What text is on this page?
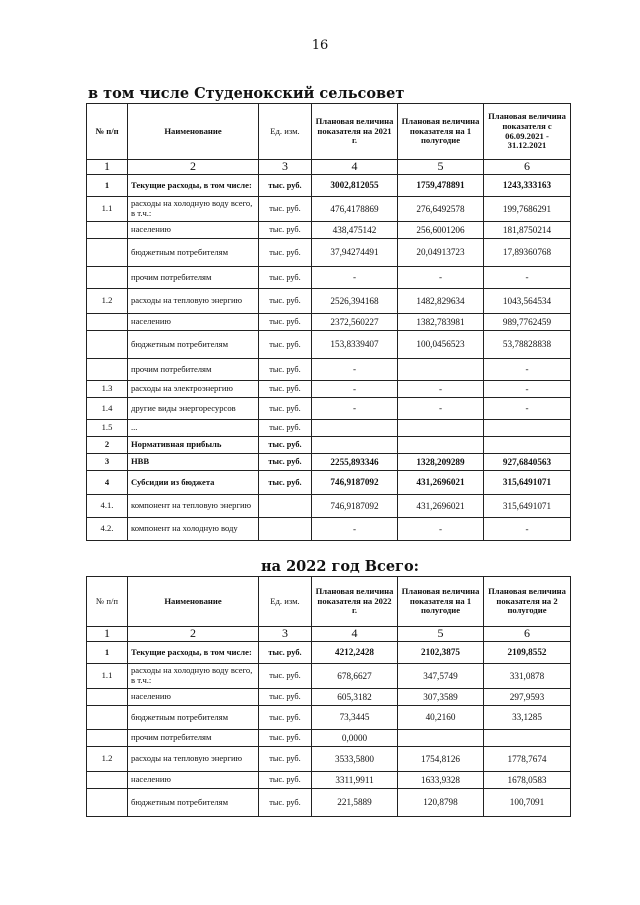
16
в том числе Студенокский сельсовет
№ п/п	Наименование	Ед. изм.	Плановая величина показателя на 2021 г.	Плановая величина показателя на 1 полугодие	Плановая величина показателя с 06.09.2021 - 31.12.2021
1	2	3	4	5	6
1	Текущие расходы, в том числе:	тыс. руб.	3002,812055	1759,478891	1243,333163
1.1	расходы на холодную воду всего, в т.ч.:	тыс. руб.	476,4178869	276,6492578	199,7686291
	населению	тыс. руб.	438,475142	256,6001206	181,8750214
	бюджетным потребителям	тыс. руб.	37,94274491	20,04913723	17,89360768
	прочим потребителям	тыс. руб.	-	-	-
1.2	расходы на тепловую энергию	тыс. руб.	2526,394168	1482,829634	1043,564534
	населению	тыс. руб.	2372,560227	1382,783981	989,7762459
	бюджетным потребителям	тыс. руб.	153,8339407	100,0456523	53,78828838
	прочим потребителям	тыс. руб.	-		-
1.3	расходы на электроэнергию	тыс. руб.	-	-	-
1.4	другие виды энергоресурсов	тыс. руб.	-	-	-
1.5	...	тыс. руб.			
2	Нормативная прибыль	тыс. руб.			
3	НВВ	тыс. руб.	2255,893346	1328,209289	927,6840563
4	Субсидии из бюджета	тыс. руб.	746,9187092	431,2696021	315,6491071
4.1.	компонент на тепловую энергию		746,9187092	431,2696021	315,6491071
4.2.	компонент на холодную воду		-	-	-
на 2022 год Всего:
№ п/п	Наименование	Ед. изм.	Плановая величина показателя на 2022 г.	Плановая величина показателя на 1 полугодие	Плановая величина показателя на 2 полугодие
1	2	3	4	5	6
1	Текущие расходы, в том числе:	тыс. руб.	4212,2428	2102,3875	2109,8552
1.1	расходы на холодную воду всего, в т.ч.:	тыс. руб.	678,6627	347,5749	331,0878
	населению	тыс. руб.	605,3182	307,3589	297,9593
	бюджетным потребителям	тыс. руб.	73,3445	40,2160	33,1285
	прочим потребителям	тыс. руб.	0,0000		
1.2	расходы на тепловую энергию	тыс. руб.	3533,5800	1754,8126	1778,7674
	населению	тыс. руб.	3311,9911	1633,9328	1678,0583
	бюджетным потребителям	тыс. руб.	221,5889	120,8798	100,7091
